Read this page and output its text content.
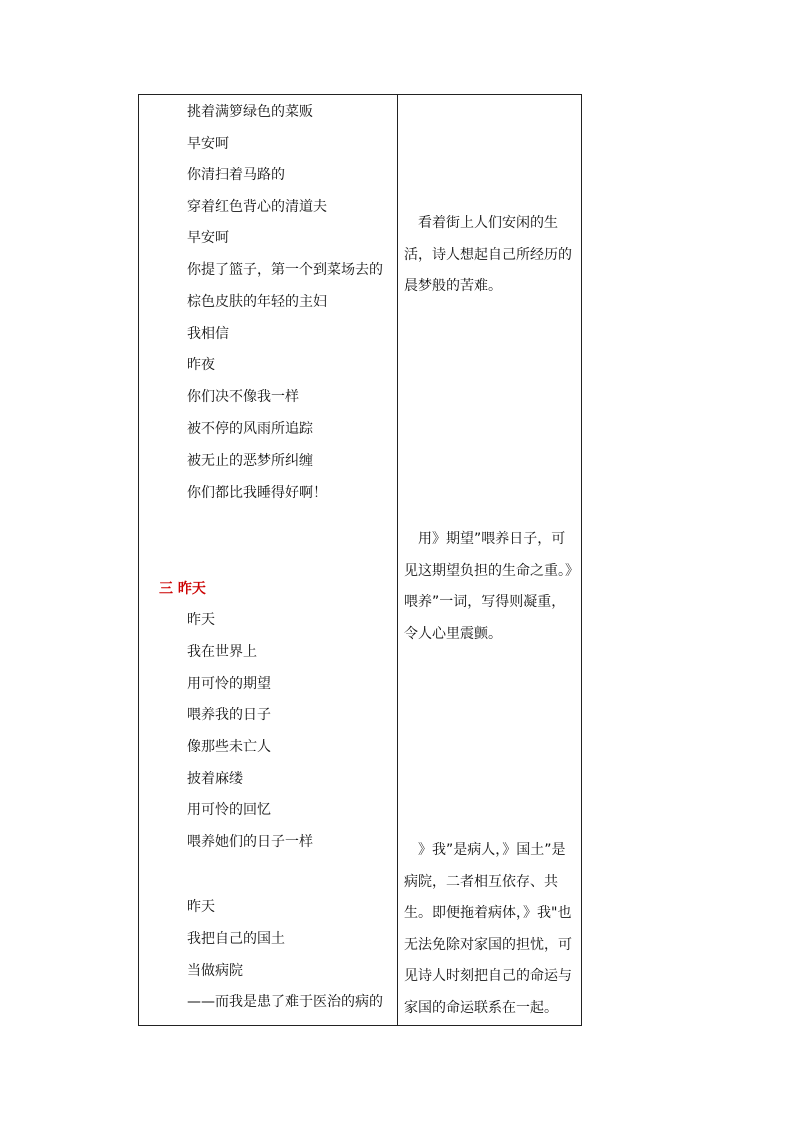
挑着满箩绿色的菜贩
早安呵
你清扫着马路的
穿着红色背心的清道夫
早安呵
你提了篮子，第一个到菜场去的
棕色皮肤的年轻的主妇
我相信
昨夜
你们决不像我一样
被不停的风雨所追踪
被无止的恶梦所纠缠
你们都比我睡得好啊！
三 昨天
昨天
我在世界上
用可怜的期望
喂养我的日子
像那些未亡人
披着麻缕
用可怜的回忆
喂养她们的日子一样
昨天
我把自己的国土
当做病院
——而我是患了难于医治的病的
看着街上人们安闲的生活，诗人想起自己所经历的晨梦般的苦难。
用》期望”喂养日子，可见这期望负担的生命之重。》喂养”一词，写得则凝重，令人心里震颤。
》我”是病人，》国土”是病院，二者相互依存、共生。即便拖着病体，》我"也无法免除对家国的担忧，可见诗人时刻把自己的命运与家国的命运联系在一起。
